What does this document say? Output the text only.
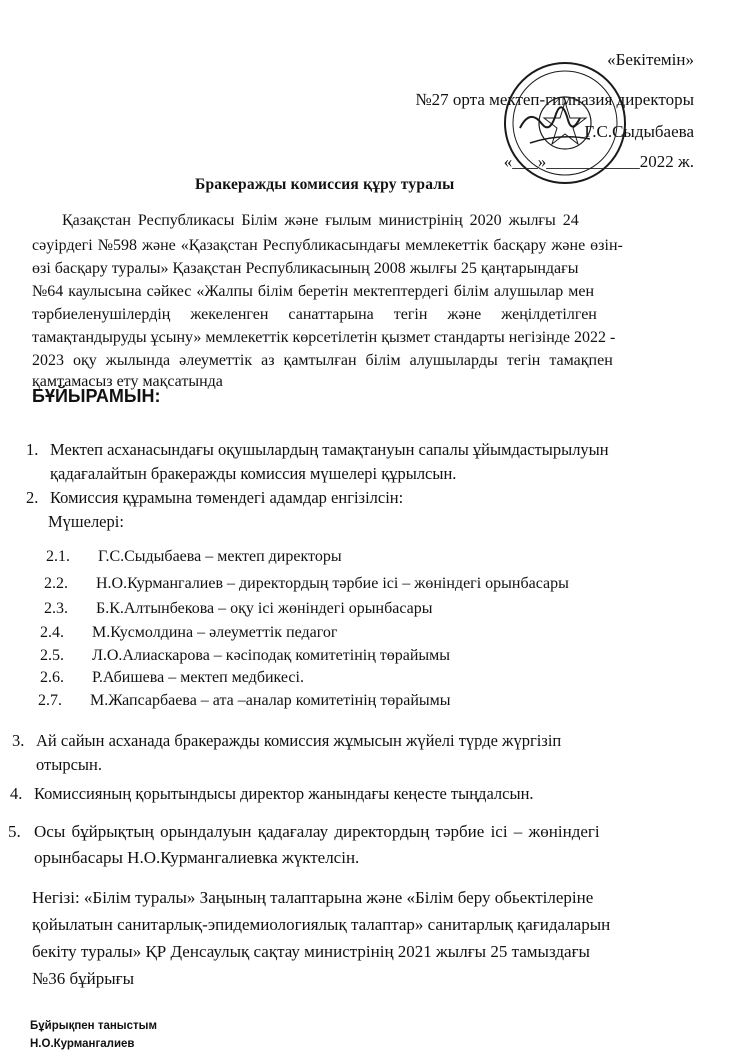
«Бекітемін»
№27 орта мектеп-гимназия директоры
Г.С.Сыдыбаева
«___»___________2022 ж.
Бракеражды комиссия құру туралы
Қазақстан Республикасы Білім және ғылым министрінің 2020 жылғы 24
сәуірдегі №598 және «Қазақстан Республикасындағы мемлекеттік басқару және өзін-
өзі басқару туралы» Қазақстан Республикасының 2008 жылғы 25 қаңтарындағы
№64 каулысына сәйкес «Жалпы білім беретін мектептердегі білім алушылар мен
тәрбиеленушілердің жекеленген санаттарына тегін және жеңілдетілген
тамақтандыруды ұсыну» мемлекеттік көрсетілетін қызмет стандарты негізінде 2022 -
2023 оқу жылында әлеуметтік аз қамтылған білім алушыларды тегін тамақпен
қамтамасыз ету мақсатында
БҰЙЫРАМЫН:
1. Мектеп асханасындағы оқушылардың тамақтануын сапалы ұйымдастырылуын
қадағалайтын бракеражды комиссия мүшелері құрылсын.
2. Комиссия құрамына төмендегі адамдар енгізілсін:
Мүшелері:
2.1. Г.С.Сыдыбаева – мектеп директоры
2.2. Н.О.Курмангалиев – директордың тәрбие ісі – жөніндегі орынбасары
2.3. Б.К.Алтынбекова – оқу ісі жөніндегі орынбасары
2.4. М.Кусмолдина – әлеуметтік педагог
2.5. Л.О.Алиаскарова – кәсіподақ комитетінің төрайымы
2.6. Р.Абишева – мектеп медбикесі.
2.7. М.Жапсарбаева – ата –аналар комитетінің төрайымы
3. Ай сайын асханада бракеражды комиссия жұмысын жүйелі түрде жүргізіп
отырсын.
4. Комиссияның қорытындысы директор жанындағы кеңесте тыңдалсын.
5. Осы бұйрықтың орындалуын қадағалау директордың тәрбие ісі – жөніндегі
орынбасары Н.О.Курмангалиевка жүктелсін.
Негізі: «Білім туралы» Заңының талаптарына және «Білім беру обьектілеріне
қойылатын санитарлық-эпидемиологиялық талаптар» санитарлық қағидаларын
бекіту туралы» ҚР Денсаулық сақтау министрінің 2021 жылғы 25 тамыздағы
№36 бұйрығы
Бұйрықпен таныстым
Н.О.Курмангалиев
